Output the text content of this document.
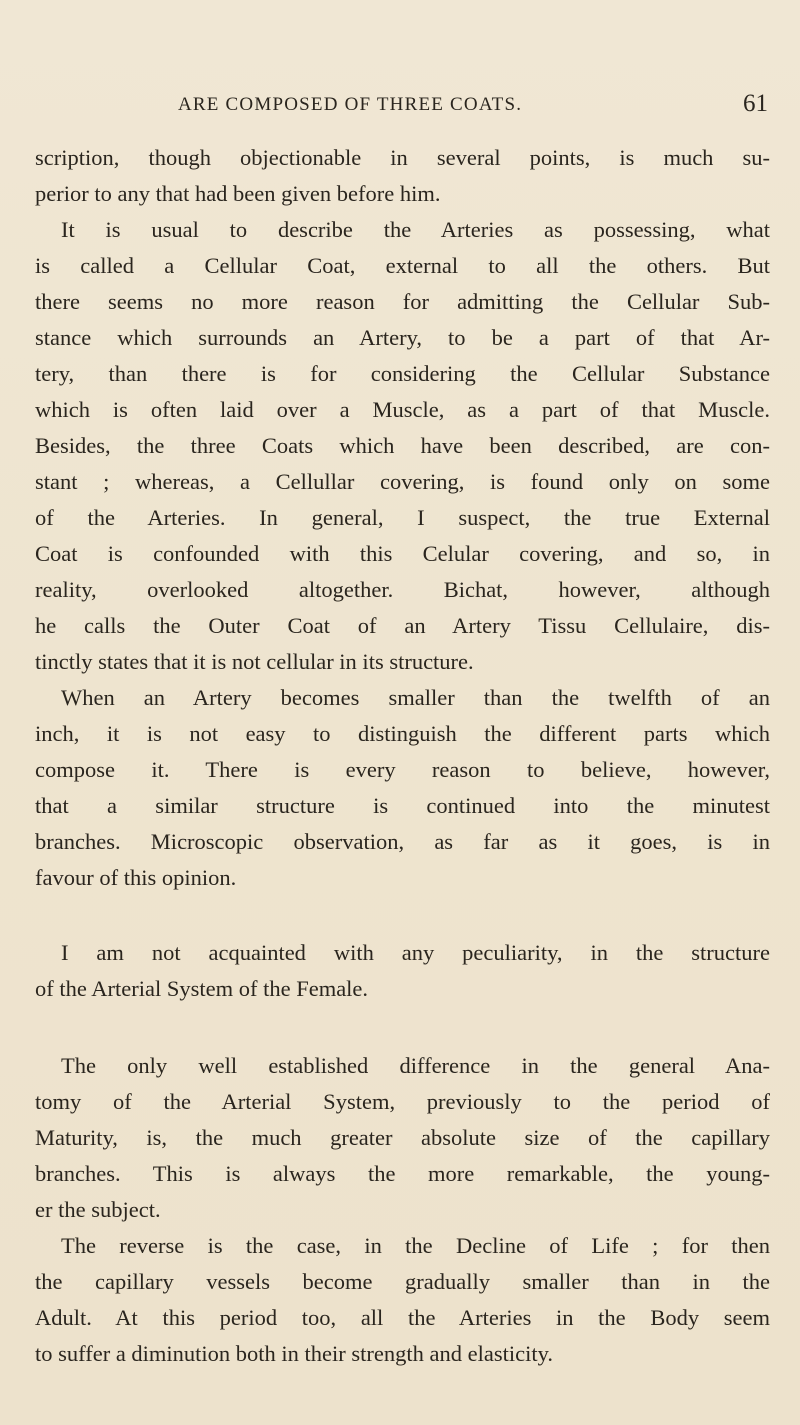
ARE COMPOSED OF THREE COATS.	61
scription, though objectionable in several points, is much su-
perior to any that had been given before him.
It is usual to describe the Arteries as possessing, what
is called a Cellular Coat, external to all the others. But
there seems no more reason for admitting the Cellular Sub-
stance which surrounds an Artery, to be a part of that Ar-
tery, than there is for considering the Cellular Substance
which is often laid over a Muscle, as a part of that Muscle.
Besides, the three Coats which have been described, are con-
stant ; whereas, a Cellullar covering, is found only on some
of the Arteries. In general, I suspect, the true External
Coat is confounded with this Celular covering, and so, in
reality, overlooked altogether. Bichat, however, although
he calls the Outer Coat of an Artery Tissu Cellulaire, dis-
tinctly states that it is not cellular in its structure.
When an Artery becomes smaller than the twelfth of an
inch, it is not easy to distinguish the different parts which
compose it. There is every reason to believe, however,
that a similar structure is continued into the minutest
branches. Microscopic observation, as far as it goes, is in
favour of this opinion.
I am not acquainted with any peculiarity, in the structure
of the Arterial System of the Female.
The only well established difference in the general Ana-
tomy of the Arterial System, previously to the period of
Maturity, is, the much greater absolute size of the capillary
branches. This is always the more remarkable, the young-
er the subject.
The reverse is the case, in the Decline of Life ; for then
the capillary vessels become gradually smaller than in the
Adult. At this period too, all the Arteries in the Body seem
to suffer a diminution both in their strength and elasticity.
